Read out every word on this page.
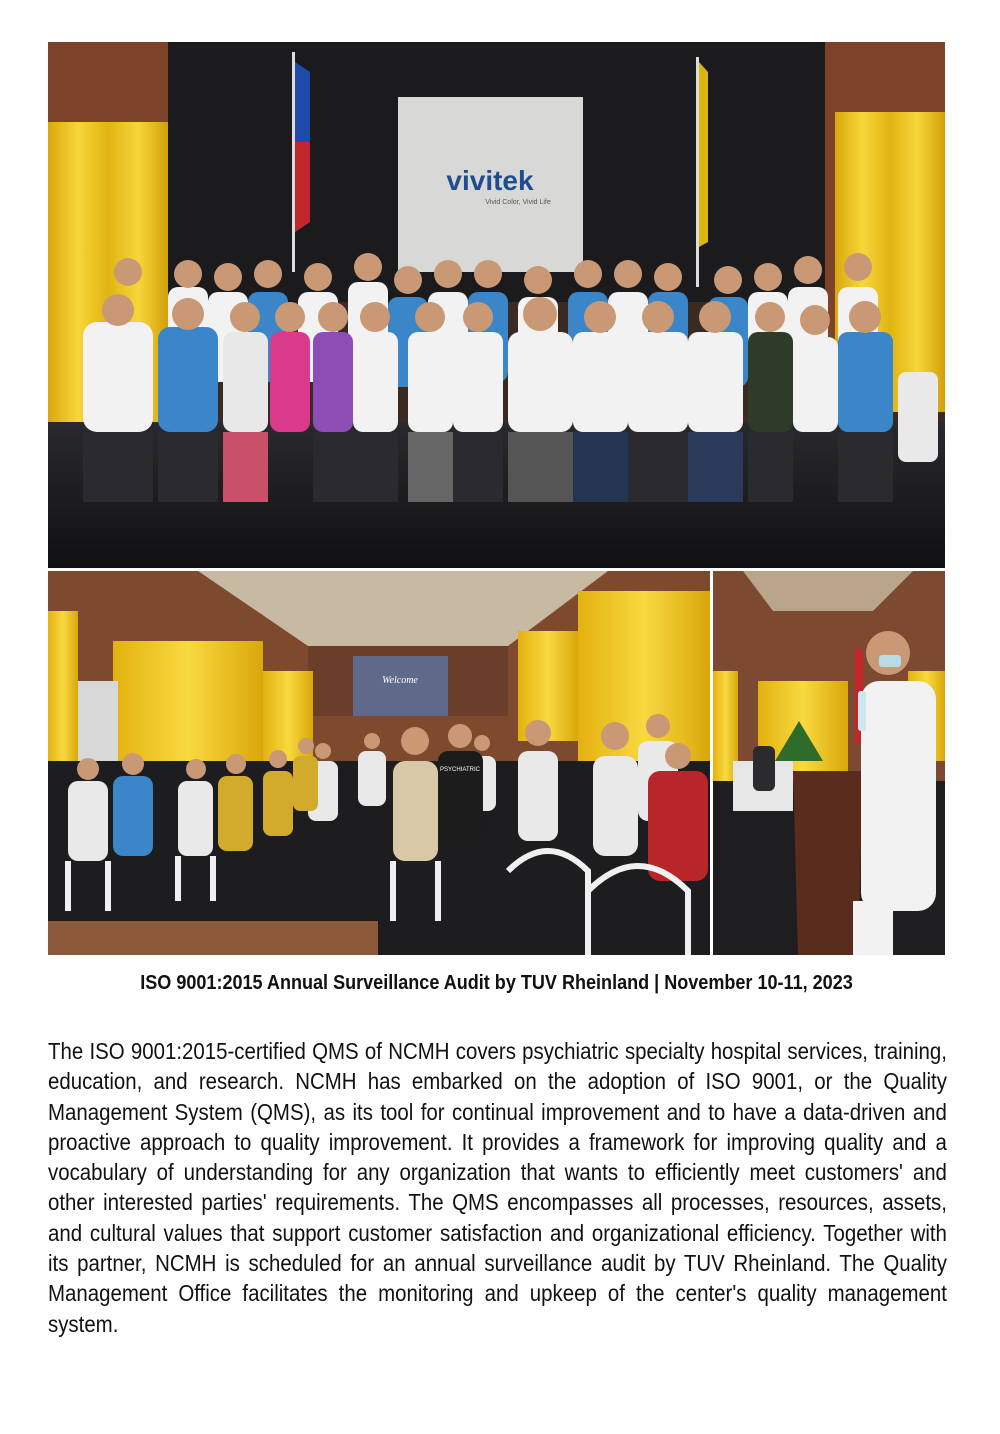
vivitek
Vivid Color, Vivid Life
Welcome
PSYCHIATRIC
ISO 9001:2015 Annual Surveillance Audit by TUV Rheinland | November 10-11, 2023

The ISO 9001:2015-certified QMS of NCMH covers psychiatric specialty hospital services, training, education, and research. NCMH has embarked on the adoption of ISO 9001, or the Quality Management System (QMS), as its tool for continual improvement and to have a data-driven and proactive approach to quality improvement. It provides a framework for improving quality and a vocabulary of understanding for any organization that wants to efficiently meet customers' and other interested parties' requirements. The QMS encompasses all processes, resources, assets, and cultural values that support customer satisfaction and organizational efficiency. Together with its partner, NCMH is scheduled for an annual surveillance audit by TUV Rheinland. The Quality Management Office facilitates the monitoring and upkeep of the center's quality management system.
